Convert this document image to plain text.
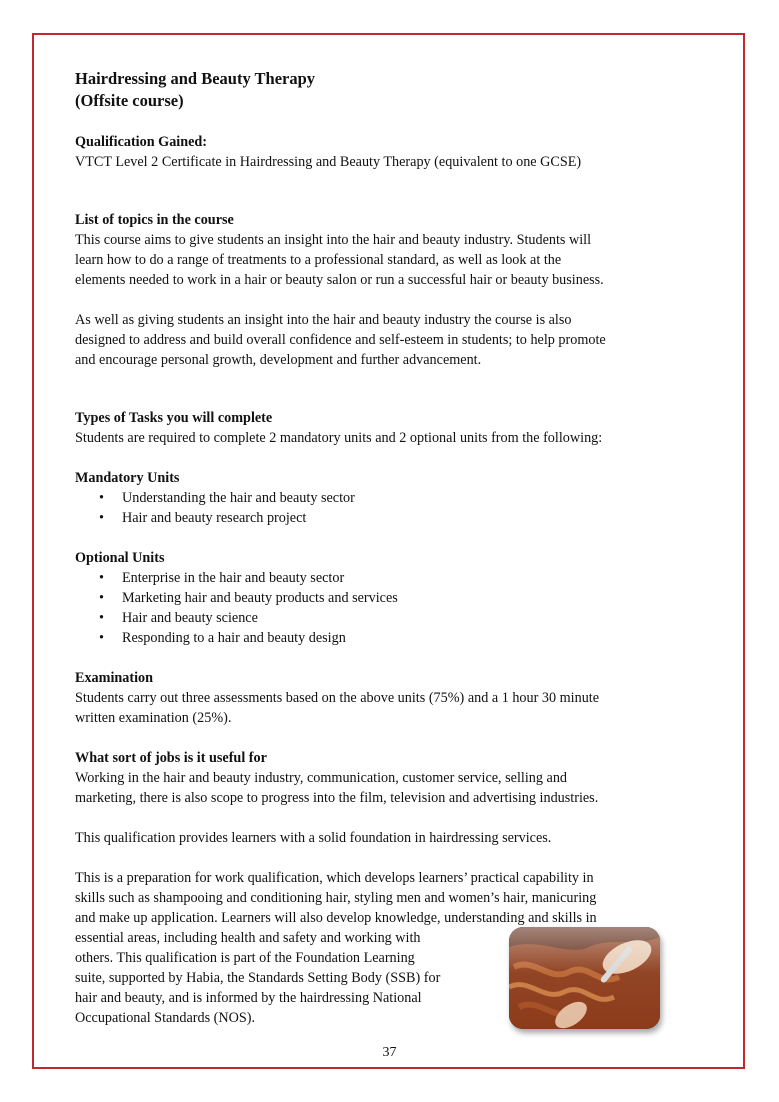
Hairdressing and Beauty Therapy

(Offsite course)

Qualification Gained:

VTCT Level 2 Certificate in Hairdressing and Beauty Therapy (equivalent to one GCSE)

List of topics in the course

This course aims to give students an insight into the hair and beauty industry. Students will

learn how to do a range of treatments to a professional standard, as well as look at the

elements needed to work in a hair or beauty salon or run a successful hair or beauty business.

As well as giving students an insight into the hair and beauty industry the course is also

designed to address and build overall confidence and self-esteem in students; to help promote

and encourage personal growth, development and further advancement.

Types of Tasks you will complete

Students are required to complete 2 mandatory units and 2 optional units from the following:

Mandatory Units

• Understanding the hair and beauty sector
• Hair and beauty research project

Optional Units

• Enterprise in the hair and beauty sector
• Marketing hair and beauty products and services
• Hair and beauty science
• Responding to a hair and beauty design

Examination

Students carry out three assessments based on the above units (75%) and a 1 hour 30 minute

written examination (25%).

What sort of jobs is it useful for

Working in the hair and beauty industry, communication, customer service, selling and

marketing, there is also scope to progress into the film, television and advertising industries.

This qualification provides learners with a solid foundation in hairdressing services.

This is a preparation for work qualification, which develops learners’ practical capability in

skills such as shampooing and conditioning hair, styling men and women’s hair, manicuring

and make up application. Learners will also develop knowledge, understanding and skills in

essential areas, including health and safety and working with

others. This qualification is part of the Foundation Learning

suite, supported by Habia, the Standards Setting Body (SSB) for

hair and beauty, and is informed by the hairdressing National

Occupational Standards (NOS).

37
